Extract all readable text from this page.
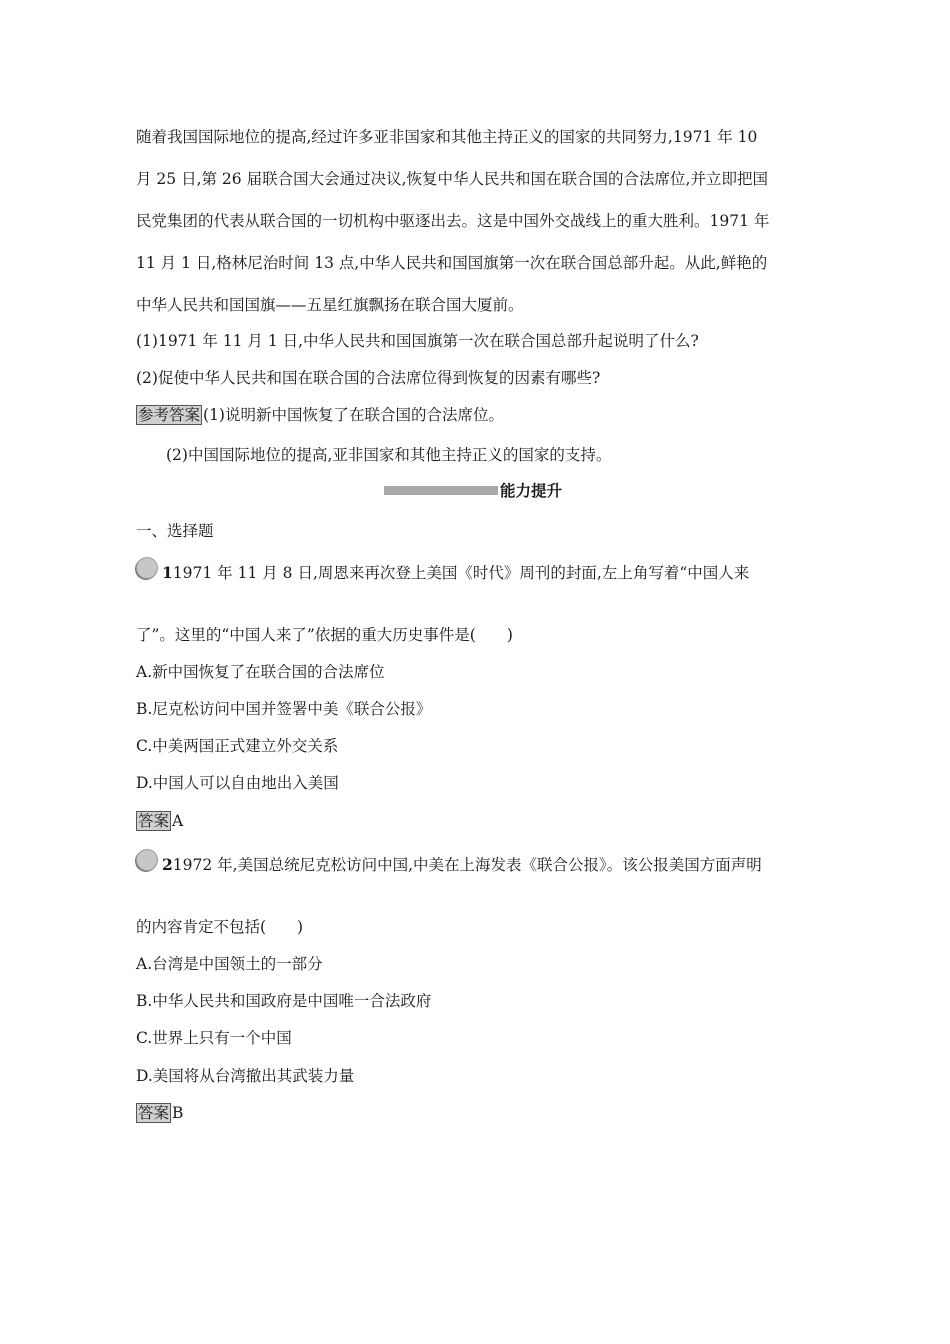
随着我国国际地位的提高,经过许多亚非国家和其他主持正义的国家的共同努力,1971 年 10
月 25 日,第 26 届联合国大会通过决议,恢复中华人民共和国在联合国的合法席位,并立即把国
民党集团的代表从联合国的一切机构中驱逐出去。这是中国外交战线上的重大胜利。1971 年
11 月 1 日,格林尼治时间 13 点,中华人民共和国国旗第一次在联合国总部升起。从此,鲜艳的
中华人民共和国国旗——五星红旗飘扬在联合国大厦前。
(1)1971 年 11 月 1 日,中华人民共和国国旗第一次在联合国总部升起说明了什么?
(2)促使中华人民共和国在联合国的合法席位得到恢复的因素有哪些?
参考答案 (1)说明新中国恢复了在联合国的合法席位。
(2)中国国际地位的提高,亚非国家和其他主持正义的国家的支持。
能力提升
一、选择题
11971 年 11 月 8 日,周恩来再次登上美国《时代》周刊的封面,左上角写着“中国人来
了”。这里的“中国人来了”依据的重大历史事件是(　　)
A.新中国恢复了在联合国的合法席位
B.尼克松访问中国并签署中美《联合公报》
C.中美两国正式建立外交关系
D.中国人可以自由地出入美国
答案 A
21972 年,美国总统尼克松访问中国,中美在上海发表《联合公报》。该公报美国方面声明
的内容肯定不包括(　　)
A.台湾是中国领土的一部分
B.中华人民共和国政府是中国唯一合法政府
C.世界上只有一个中国
D.美国将从台湾撤出其武装力量
答案 B
